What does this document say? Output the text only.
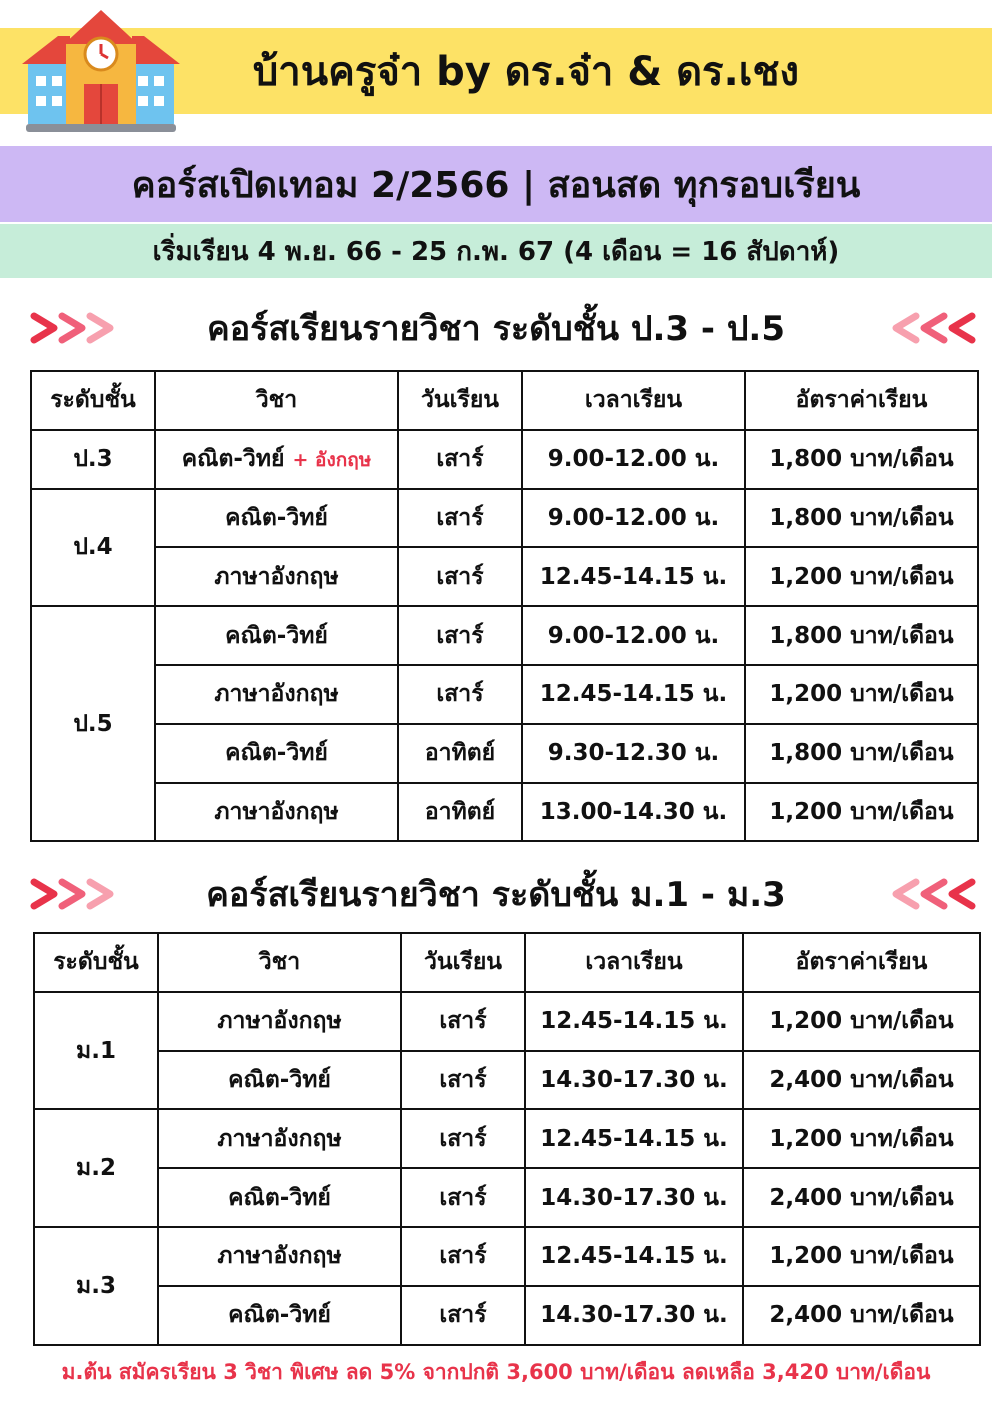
บ้านครูจ๋า by ดร.จ๋า & ดร.เชง
คอร์สเปิดเทอม 2/2566 | สอนสด ทุกรอบเรียน
เริ่มเรียน 4 พ.ย. 66 - 25 ก.พ. 67 (4 เดือน = 16 สัปดาห์)
คอร์สเรียนรายวิชา ระดับชั้น ป.3 - ป.5
ระดับชั้น	วิชา	วันเรียน	เวลาเรียน	อัตราค่าเรียน
ป.3	คณิต-วิทย์ + อังกฤษ	เสาร์	9.00-12.00 น.	1,800 บาท/เดือน
ป.4	คณิต-วิทย์	เสาร์	9.00-12.00 น.	1,800 บาท/เดือน
	ภาษาอังกฤษ	เสาร์	12.45-14.15 น.	1,200 บาท/เดือน
ป.5	คณิต-วิทย์	เสาร์	9.00-12.00 น.	1,800 บาท/เดือน
	ภาษาอังกฤษ	เสาร์	12.45-14.15 น.	1,200 บาท/เดือน
	คณิต-วิทย์	อาทิตย์	9.30-12.30 น.	1,800 บาท/เดือน
	ภาษาอังกฤษ	อาทิตย์	13.00-14.30 น.	1,200 บาท/เดือน
คอร์สเรียนรายวิชา ระดับชั้น ม.1 - ม.3
ระดับชั้น	วิชา	วันเรียน	เวลาเรียน	อัตราค่าเรียน
ม.1	ภาษาอังกฤษ	เสาร์	12.45-14.15 น.	1,200 บาท/เดือน
	คณิต-วิทย์	เสาร์	14.30-17.30 น.	2,400 บาท/เดือน
ม.2	ภาษาอังกฤษ	เสาร์	12.45-14.15 น.	1,200 บาท/เดือน
	คณิต-วิทย์	เสาร์	14.30-17.30 น.	2,400 บาท/เดือน
ม.3	ภาษาอังกฤษ	เสาร์	12.45-14.15 น.	1,200 บาท/เดือน
	คณิต-วิทย์	เสาร์	14.30-17.30 น.	2,400 บาท/เดือน
ม.ต้น สมัครเรียน 3 วิชา พิเศษ ลด 5% จากปกติ 3,600 บาท/เดือน ลดเหลือ 3,420 บาท/เดือน
